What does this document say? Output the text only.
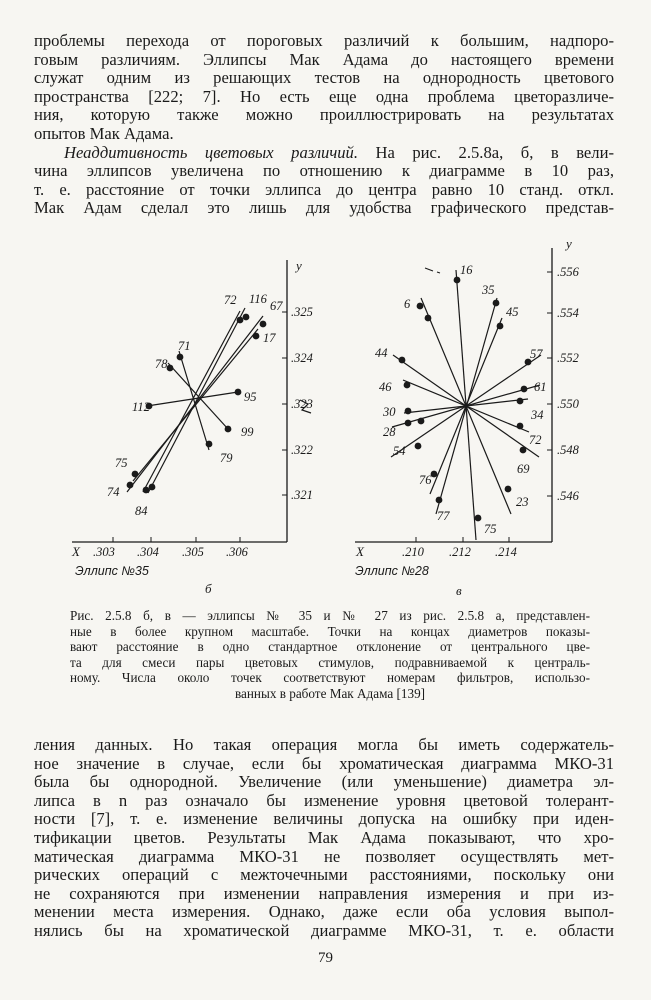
проблемы перехода от пороговых различий к большим, надпоро-
говым различиям. Эллипсы Мак Адама до настоящего времени
служат одним из решающих тестов на однородность цветового
пространства [222; 7]. Но есть еще одна проблема цветоразличе-
ния, которую также можно проиллюстрировать на результатах
опытов Мак Адама.
Неаддитивность цветовых различий. На рис. 2.5.8а, б, в вели-
чина эллипсов увеличена по отношению к диаграмме в 10 раз,
т. е. расстояние от точки эллипса до центра равно 10 станд. откл.
Мак Адам сделал это лишь для удобства графического представ-
y
X
.325
.324
.323
.322
.321
.303 .304 .305 .306
72 116 67
17
71
78
95
112
99
79
75
74
84
Эллипс №35
б
y
X
.556
.554
.552
.550
.548
.546
.210 .212 .214
16
35
6
45
44	57
46	61
30	34
28
72
54
69
76
23
77
75
Эллипс №28
в
Рис. 2.5.8 б, в — эллипсы № 35 и № 27 из рис. 2.5.8 а, представлен-
ные в более крупном масштабе. Точки на концах диаметров показы-
вают расстояние в одно стандартное отклонение от центрального цве-
та для смеси пары цветовых стимулов, подравниваемой к централь-
ному. Числа около точек соответствуют номерам фильтров, использо-
ванных в работе Мак Адама [139]
ления данных. Но такая операция могла бы иметь содержатель-
ное значение в случае, если бы хроматическая диаграмма МКО-31
была бы однородной. Увеличение (или уменьшение) диаметра эл-
липса в n раз означало бы изменение уровня цветовой толерант-
ности [7], т. е. изменение величины допуска на ошибку при иден-
тификации цветов. Результаты Мак Адама показывают, что хро-
матическая диаграмма МКО-31 не позволяет осуществлять мет-
рических операций с межточечными расстояниями, поскольку они
не сохраняются при изменении направления измерения и при из-
менении места измерения. Однако, даже если оба условия выпол-
нялись бы на хроматической диаграмме МКО-31, т. е. области
79
